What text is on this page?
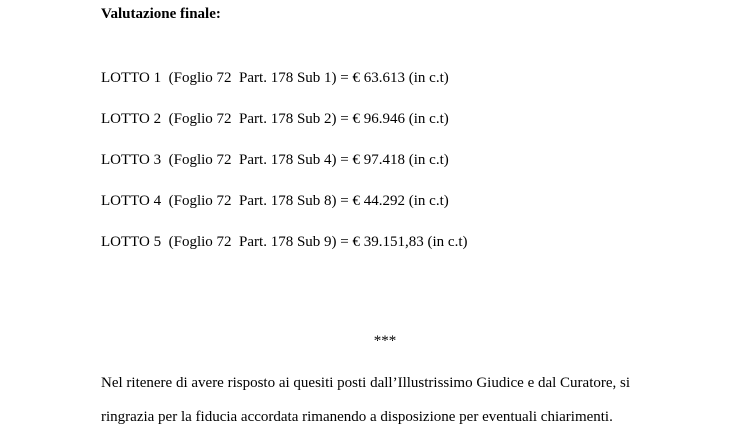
Valutazione finale:
LOTTO 1  (Foglio 72  Part. 178 Sub 1) = € 63.613 (in c.t)
LOTTO 2  (Foglio 72  Part. 178 Sub 2) = € 96.946 (in c.t)
LOTTO 3  (Foglio 72  Part. 178 Sub 4) = € 97.418 (in c.t)
LOTTO 4  (Foglio 72  Part. 178 Sub 8) = € 44.292 (in c.t)
LOTTO 5  (Foglio 72  Part. 178 Sub 9) = € 39.151,83 (in c.t)
***
Nel ritenere di avere risposto ai quesiti posti dall’Illustrissimo Giudice e dal Curatore, si
ringrazia per la fiducia accordata rimanendo a disposizione per eventuali chiarimenti.
